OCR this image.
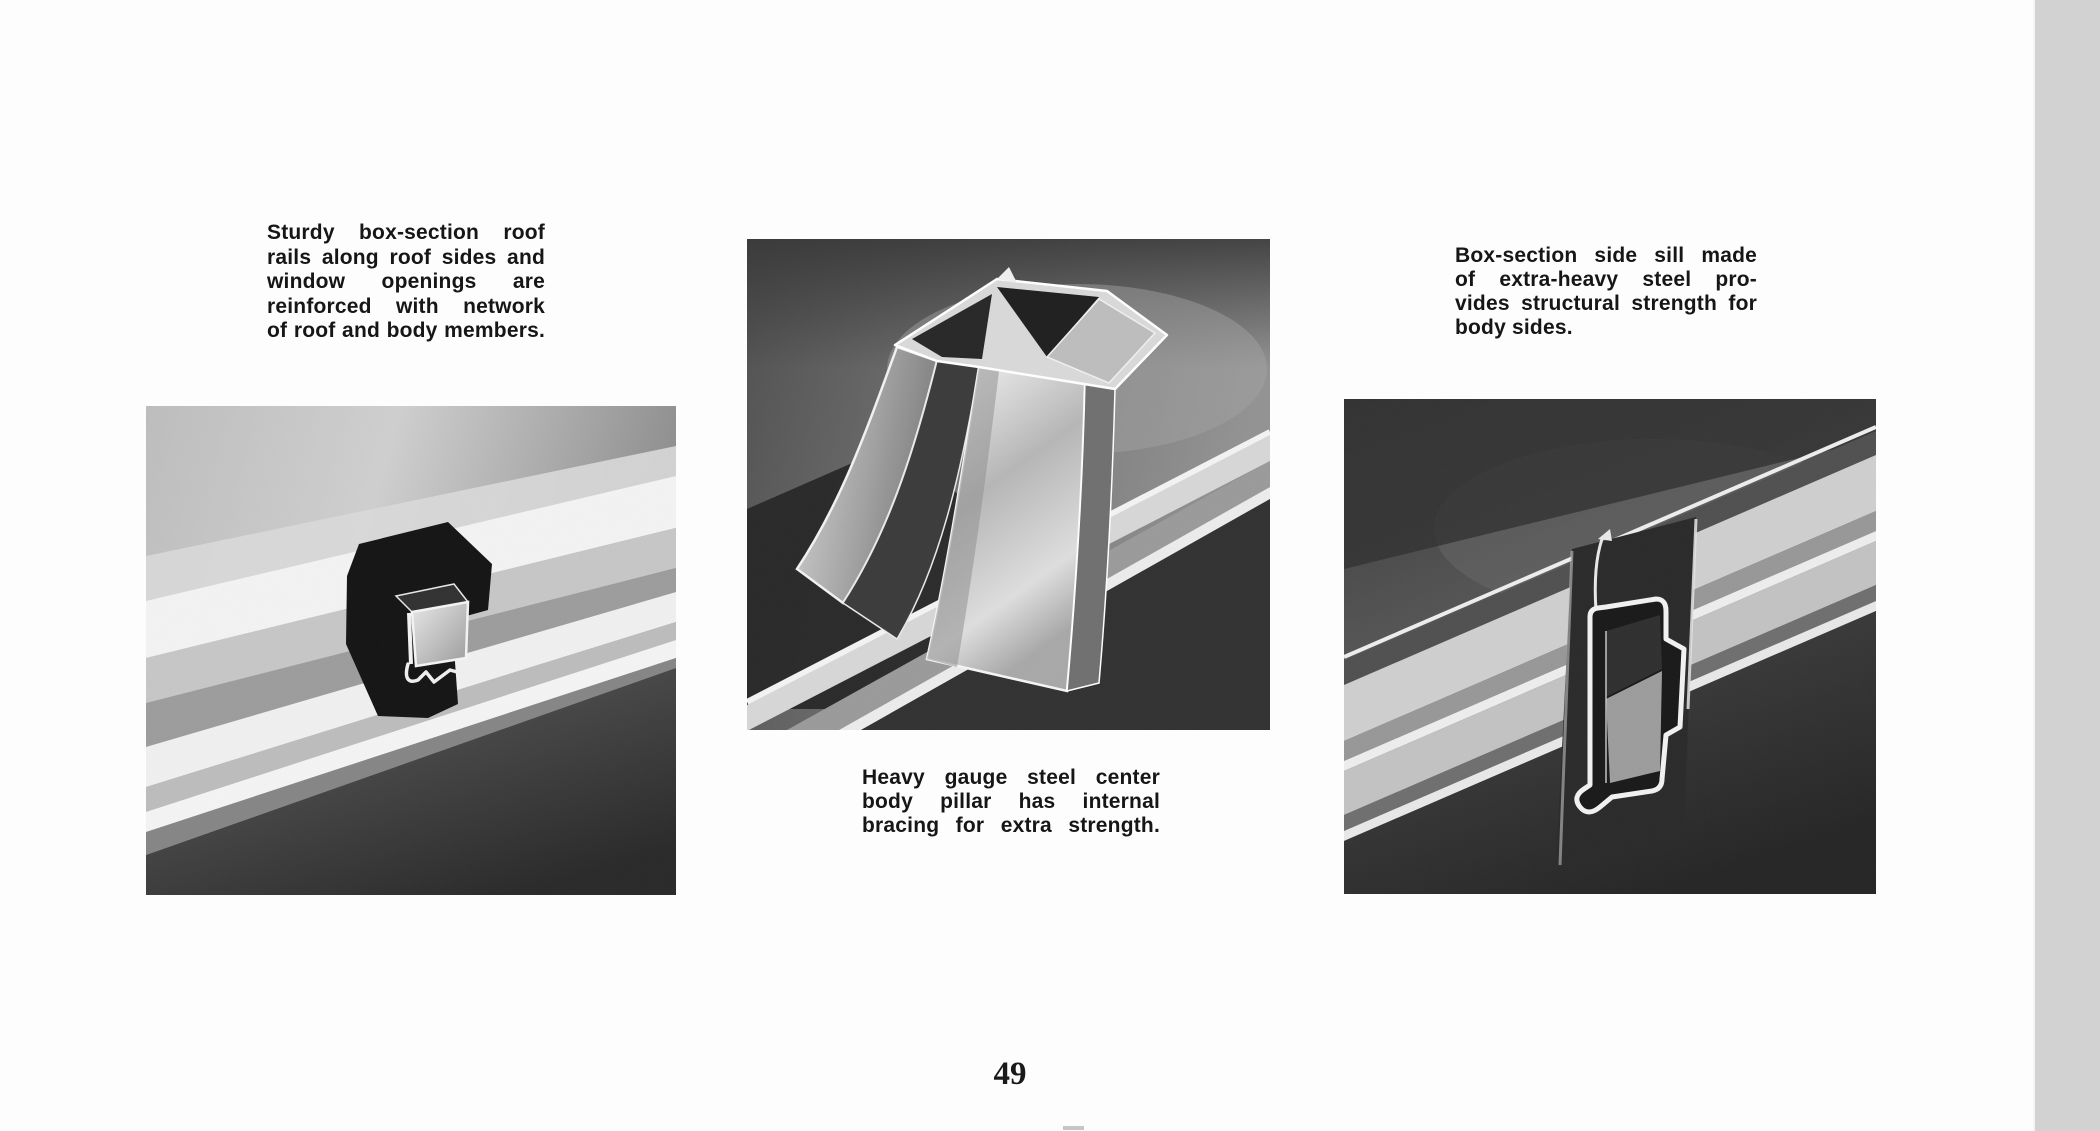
Sturdy box-section roof
rails along roof sides and
window openings are
reinforced with network
of roof and body members.
Box-section side sill made
of extra-heavy steel pro-
vides structural strength for
body sides.
Heavy gauge steel center
body pillar has internal
bracing for extra strength.
49
